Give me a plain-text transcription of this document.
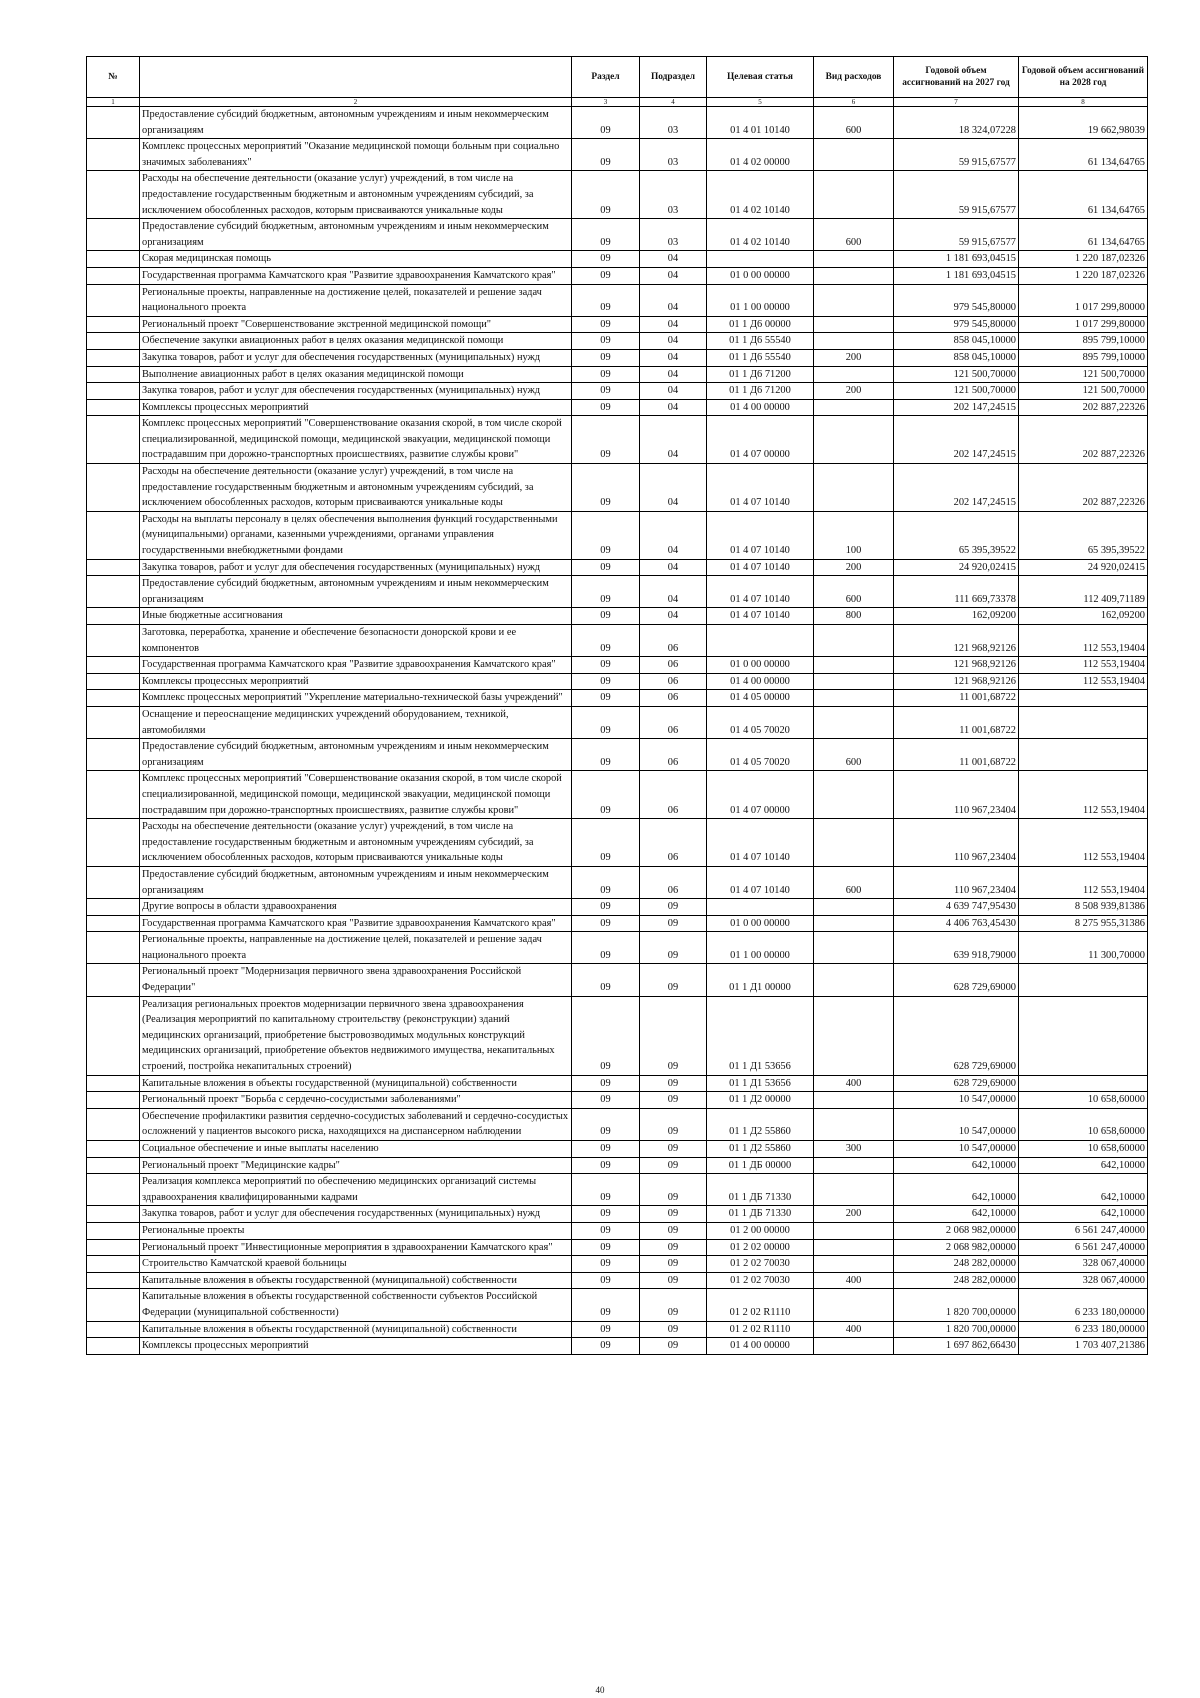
№		Раздел	Подраздел	Целевая статья	Вид расходов	Годовой объем ассигнований на 2027 год	Годовой объем ассигнований на 2028 год
1	2	3	4	5	6	7	8
	Предоставление субсидий бюджетным, автономным учреждениям и иным некоммерческим организациям	09	03	01 4 01 10140	600	18 324,07228	19 662,98039
	Комплекс процессных мероприятий "Оказание медицинской помощи больным при социально значимых заболеваниях"	09	03	01 4 02 00000		59 915,67577	61 134,64765
	Расходы на обеспечение деятельности (оказание услуг) учреждений, в том числе на предоставление государственным бюджетным и автономным учреждениям субсидий, за исключением обособленных расходов, которым присваиваются уникальные коды	09	03	01 4 02 10140		59 915,67577	61 134,64765
	Предоставление субсидий бюджетным, автономным учреждениям и иным некоммерческим организациям	09	03	01 4 02 10140	600	59 915,67577	61 134,64765
	Скорая медицинская помощь	09	04			1 181 693,04515	1 220 187,02326
	Государственная программа Камчатского края "Развитие здравоохранения Камчатского края"	09	04	01 0 00 00000		1 181 693,04515	1 220 187,02326
	Региональные проекты, направленные на достижение целей, показателей и решение задач национального проекта	09	04	01 1 00 00000		979 545,80000	1 017 299,80000
	Региональный проект "Совершенствование экстренной медицинской помощи"	09	04	01 1 Д6 00000		979 545,80000	1 017 299,80000
	Обеспечение закупки авиационных работ в целях оказания медицинской помощи	09	04	01 1 Д6 55540		858 045,10000	895 799,10000
	Закупка товаров, работ и услуг для обеспечения государственных (муниципальных) нужд	09	04	01 1 Д6 55540	200	858 045,10000	895 799,10000
	Выполнение авиационных работ в целях оказания медицинской помощи	09	04	01 1 Д6 71200		121 500,70000	121 500,70000
	Закупка товаров, работ и услуг для обеспечения государственных (муниципальных) нужд	09	04	01 1 Д6 71200	200	121 500,70000	121 500,70000
	Комплексы процессных мероприятий	09	04	01 4 00 00000		202 147,24515	202 887,22326
	Комплекс процессных мероприятий "Совершенствование оказания скорой, в том числе скорой специализированной, медицинской помощи, медицинской эвакуации, медицинской помощи пострадавшим при дорожно-транспортных происшествиях, развитие службы крови"	09	04	01 4 07 00000		202 147,24515	202 887,22326
	Расходы на обеспечение деятельности (оказание услуг) учреждений, в том числе на предоставление государственным бюджетным и автономным учреждениям субсидий, за исключением обособленных расходов, которым присваиваются уникальные коды	09	04	01 4 07 10140		202 147,24515	202 887,22326
	Расходы на выплаты персоналу в целях обеспечения выполнения функций государственными (муниципальными) органами, казенными учреждениями, органами управления государственными внебюджетными фондами	09	04	01 4 07 10140	100	65 395,39522	65 395,39522
	Закупка товаров, работ и услуг для обеспечения государственных (муниципальных) нужд	09	04	01 4 07 10140	200	24 920,02415	24 920,02415
	Предоставление субсидий бюджетным, автономным учреждениям и иным некоммерческим организациям	09	04	01 4 07 10140	600	111 669,73378	112 409,71189
	Иные бюджетные ассигнования	09	04	01 4 07 10140	800	162,09200	162,09200
	Заготовка, переработка, хранение и обеспечение безопасности донорской крови и ее компонентов	09	06			121 968,92126	112 553,19404
	Государственная программа Камчатского края "Развитие здравоохранения Камчатского края"	09	06	01 0 00 00000		121 968,92126	112 553,19404
	Комплексы процессных мероприятий	09	06	01 4 00 00000		121 968,92126	112 553,19404
	Комплекс процессных мероприятий "Укрепление материально-технической базы учреждений"	09	06	01 4 05 00000		11 001,68722	
	Оснащение и переоснащение медицинских учреждений оборудованием, техникой, автомобилями	09	06	01 4 05 70020		11 001,68722	
	Предоставление субсидий бюджетным, автономным учреждениям и иным некоммерческим организациям	09	06	01 4 05 70020	600	11 001,68722	
	Комплекс процессных мероприятий "Совершенствование оказания скорой, в том числе скорой специализированной, медицинской помощи, медицинской эвакуации, медицинской помощи пострадавшим при дорожно-транспортных происшествиях, развитие службы крови"	09	06	01 4 07 00000		110 967,23404	112 553,19404
	Расходы на обеспечение деятельности (оказание услуг) учреждений, в том числе на предоставление государственным бюджетным и автономным учреждениям субсидий, за исключением обособленных расходов, которым присваиваются уникальные коды	09	06	01 4 07 10140		110 967,23404	112 553,19404
	Предоставление субсидий бюджетным, автономным учреждениям и иным некоммерческим организациям	09	06	01 4 07 10140	600	110 967,23404	112 553,19404
	Другие вопросы в области здравоохранения	09	09			4 639 747,95430	8 508 939,81386
	Государственная программа Камчатского края "Развитие здравоохранения Камчатского края"	09	09	01 0 00 00000		4 406 763,45430	8 275 955,31386
	Региональные проекты, направленные на достижение целей, показателей и решение задач национального проекта	09	09	01 1 00 00000		639 918,79000	11 300,70000
	Региональный проект "Модернизация первичного звена здравоохранения Российской Федерации"	09	09	01 1 Д1 00000		628 729,69000	
	Реализация региональных проектов модернизации первичного звена здравоохранения (Реализация мероприятий по капитальному строительству (реконструкции) зданий медицинских организаций, приобретение быстровозводимых модульных конструкций медицинских организаций, приобретение объектов недвижимого имущества, некапитальных строений, постройка некапитальных строений)	09	09	01 1 Д1 53656		628 729,69000	
	Капитальные вложения в объекты государственной (муниципальной) собственности	09	09	01 1 Д1 53656	400	628 729,69000	
	Региональный проект "Борьба с сердечно-сосудистыми заболеваниями"	09	09	01 1 Д2 00000		10 547,00000	10 658,60000
	Обеспечение профилактики развития сердечно-сосудистых заболеваний и сердечно-сосудистых осложнений у пациентов высокого риска, находящихся на диспансерном наблюдении	09	09	01 1 Д2 55860		10 547,00000	10 658,60000
	Социальное обеспечение и иные выплаты населению	09	09	01 1 Д2 55860	300	10 547,00000	10 658,60000
	Региональный проект "Медицинские кадры"	09	09	01 1 ДБ 00000		642,10000	642,10000
	Реализация комплекса мероприятий по обеспечению медицинских организаций системы здравоохранения квалифицированными кадрами	09	09	01 1 ДБ 71330		642,10000	642,10000
	Закупка товаров, работ и услуг для обеспечения государственных (муниципальных) нужд	09	09	01 1 ДБ 71330	200	642,10000	642,10000
	Региональные проекты	09	09	01 2 00 00000		2 068 982,00000	6 561 247,40000
	Региональный проект "Инвестиционные мероприятия в здравоохранении Камчатского края"	09	09	01 2 02 00000		2 068 982,00000	6 561 247,40000
	Строительство Камчатской краевой больницы	09	09	01 2 02 70030		248 282,00000	328 067,40000
	Капитальные вложения в объекты государственной (муниципальной) собственности	09	09	01 2 02 70030	400	248 282,00000	328 067,40000
	Капитальные вложения в объекты государственной собственности субъектов Российской Федерации (муниципальной собственности)	09	09	01 2 02 R1110		1 820 700,00000	6 233 180,00000
	Капитальные вложения в объекты государственной (муниципальной) собственности	09	09	01 2 02 R1110	400	1 820 700,00000	6 233 180,00000
	Комплексы процессных мероприятий	09	09	01 4 00 00000		1 697 862,66430	1 703 407,21386
40
